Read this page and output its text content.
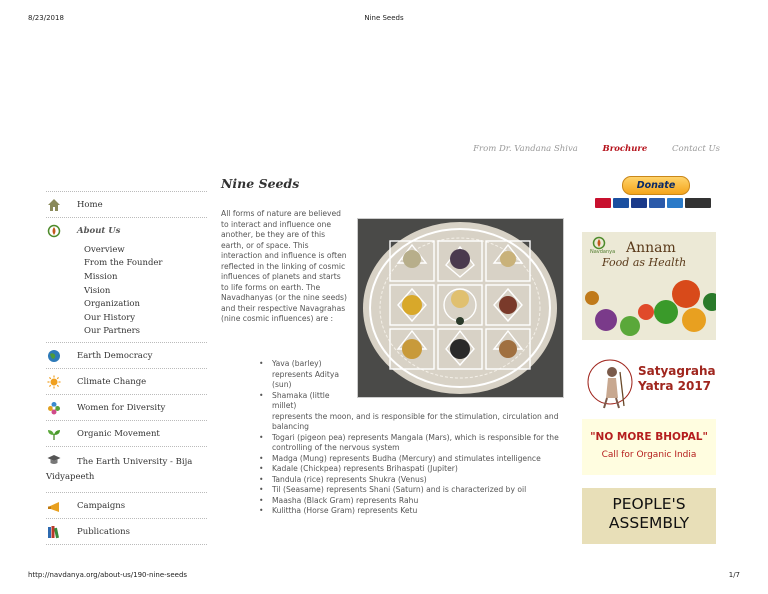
8/23/2018	Nine Seeds
http://navdanya.org/about-us/190-nine-seeds	1/7
From Dr. Vandana Shiva	Brochure	Contact Us
Home
About Us
Overview
From the Founder
Mission
Vision
Organization
Our History
Our Partners
Earth Democracy
Climate Change
Women for Diversity
Organic Movement
The Earth University - Bija Vidyapeeth
Campaigns
Publications
Nine Seeds
All forms of nature are believed to interact and influence one another, be they are of this earth, or of space. This interaction and influence is often reflected in the linking of cosmic influences of planets and starts to life forms on earth. The Navadhanyas (or the nine seeds) and their respective Navagrahas (nine cosmic influences) are :
• Yava (barley) represents Aditya (sun)
• Shamaka (little millet)
represents the moon, and is responsible for the stimulation, circulation and balancing
• Togari (pigeon pea) represents Mangala (Mars), which is responsible for the controlling of the nervous system
• Madga (Mung) represents Budha (Mercury) and stimulates intelligence
• Kadale (Chickpea) represents Brihaspati (Jupiter)
• Tandula (rice) represents Shukra (Venus)
• Til (Seasame) represents Shani (Saturn) and is characterized by oil
• Maasha (Black Gram) represents Rahu
• Kulittha (Horse Gram) represents Ketu
Donate
Navdanya Annam
Food as Health
Satyagraha
Yatra 2017
"NO MORE BHOPAL"
Call for Organic India
PEOPLE'S
ASSEMBLY
